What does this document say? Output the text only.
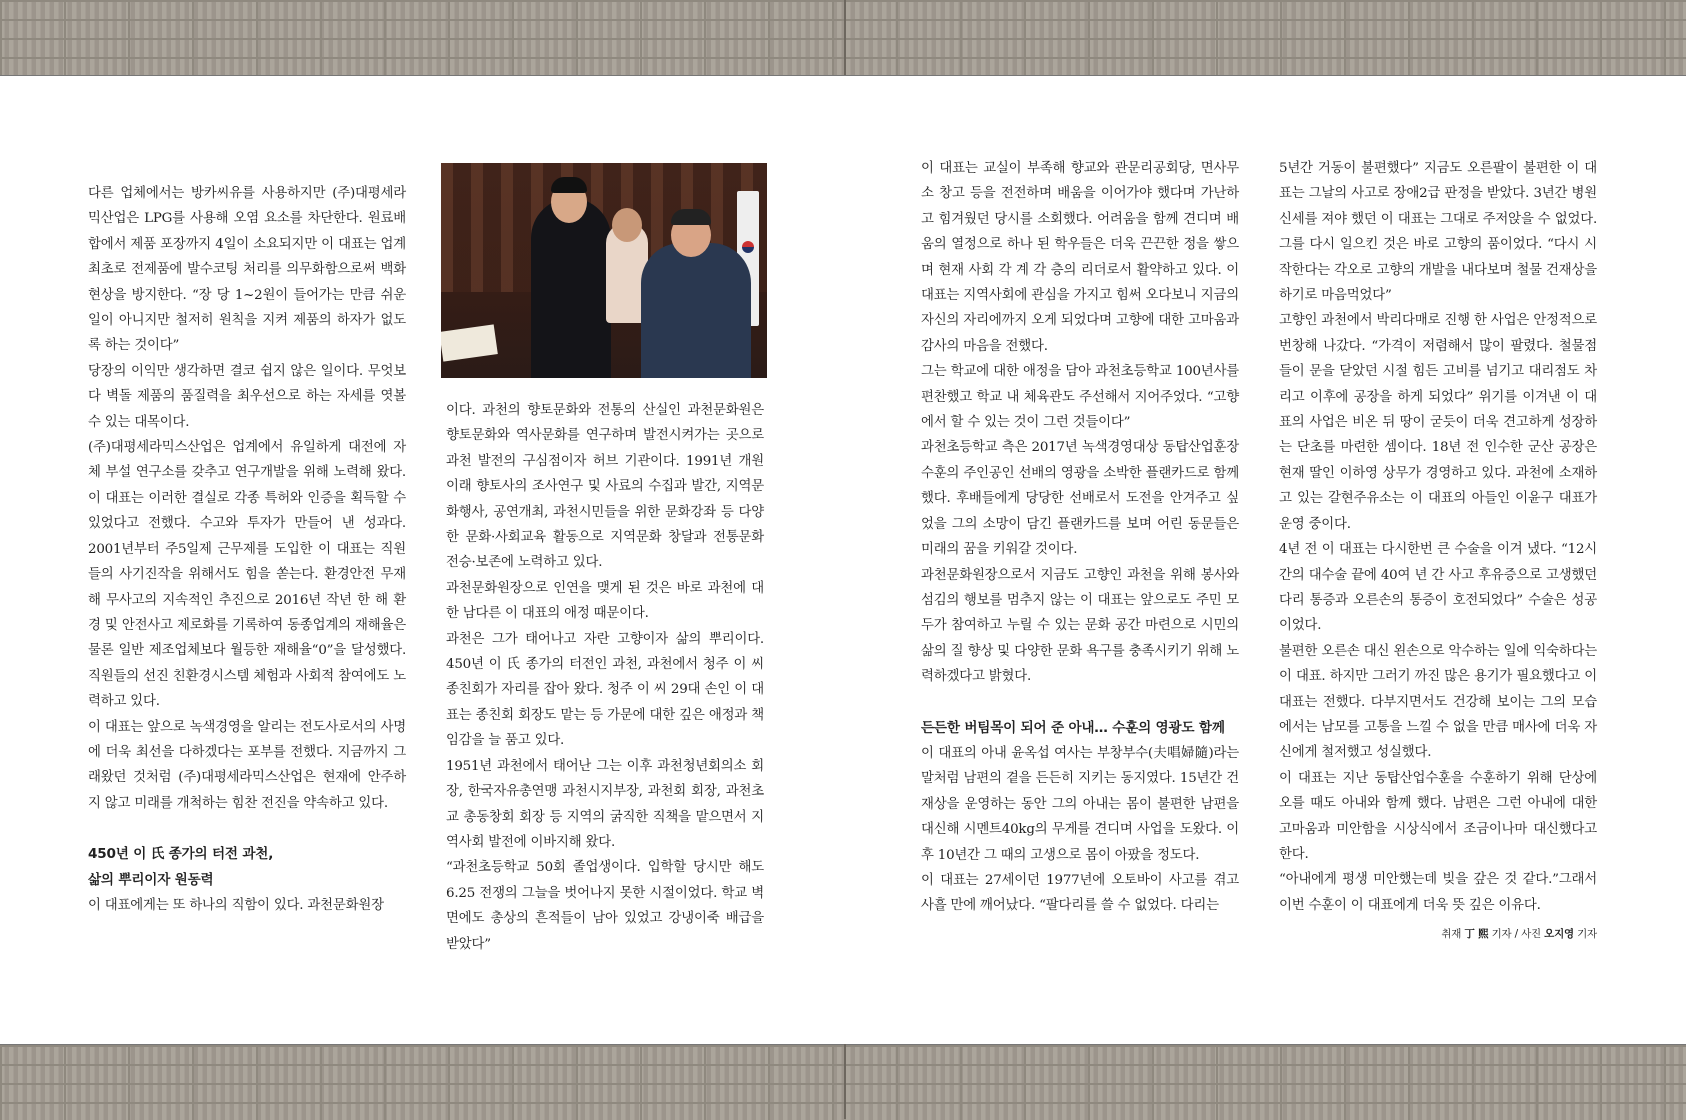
다른 업체에서는 방카씨유를 사용하지만 (주)대평세라믹산업은 LPG를 사용해 오염 요소를 차단한다. 원료배합에서 제품 포장까지 4일이 소요되지만 이 대표는 업계 최초로 전제품에 발수코팅 처리를 의무화함으로써 백화현상을 방지한다. “장 당 1~2원이 들어가는 만큼 쉬운 일이 아니지만 철저히 원칙을 지켜 제품의 하자가 없도록 하는 것이다”

당장의 이익만 생각하면 결코 쉽지 않은 일이다. 무엇보다 벽돌 제품의 품질력을 최우선으로 하는 자세를 엿볼 수 있는 대목이다.

(주)대평세라믹스산업은 업계에서 유일하게 대전에 자체 부설 연구소를 갖추고 연구개발을 위해 노력해 왔다. 이 대표는 이러한 결실로 각종 특허와 인증을 획득할 수 있었다고 전했다. 수고와 투자가 만들어 낸 성과다. 2001년부터 주5일제 근무제를 도입한 이 대표는 직원들의 사기진작을 위해서도 힘을 쏟는다. 환경안전 무재해 무사고의 지속적인 추진으로 2016년 작년 한 해 환경 및 안전사고 제로화를 기록하여 동종업계의 재해율은 물론 일반 제조업체보다 월등한 재해율“0”을 달성했다. 직원들의 선진 친환경시스템 체험과 사회적 참여에도 노력하고 있다.

이 대표는 앞으로 녹색경영을 알리는 전도사로서의 사명에 더욱 최선을 다하겠다는 포부를 전했다. 지금까지 그래왔던 것처럼 (주)대평세라믹스산업은 현재에 안주하지 않고 미래를 개척하는 힘찬 전진을 약속하고 있다.

450년 이 氏 종가의 터전 과천,
삶의 뿌리이자 원동력

이 대표에게는 또 하나의 직함이 있다. 과천문화원장

이다. 과천의 향토문화와 전통의 산실인 과천문화원은 향토문화와 역사문화를 연구하며 발전시켜가는 곳으로 과천 발전의 구심점이자 허브 기관이다. 1991년 개원 이래 향토사의 조사연구 및 사료의 수집과 발간, 지역문화행사, 공연개최, 과천시민들을 위한 문화강좌 등 다양한 문화·사회교육 활동으로 지역문화 창달과 전통문화 전승·보존에 노력하고 있다.

과천문화원장으로 인연을 맺게 된 것은 바로 과천에 대한 남다른 이 대표의 애정 때문이다.

과천은 그가 태어나고 자란 고향이자 삶의 뿌리이다. 450년 이 氏 종가의 터전인 과천, 과천에서 청주 이 씨 종친회가 자리를 잡아 왔다. 청주 이 씨 29대 손인 이 대표는 종친회 회장도 맡는 등 가문에 대한 깊은 애정과 책임감을 늘 품고 있다.

1951년 과천에서 태어난 그는 이후 과천청년회의소 회장, 한국자유총연맹 과천시지부장, 과천회 회장, 과천초교 총동창회 회장 등 지역의 굵직한 직책을 맡으면서 지역사회 발전에 이바지해 왔다.

“과천초등학교 50회 졸업생이다. 입학할 당시만 해도 6.25 전쟁의 그늘을 벗어나지 못한 시절이었다. 학교 벽면에도 총상의 흔적들이 남아 있었고 강냉이죽 배급을 받았다”

이 대표는 교실이 부족해 향교와 관문리공회당, 면사무소 창고 등을 전전하며 배움을 이어가야 했다며 가난하고 힘겨웠던 당시를 소회했다. 어려움을 함께 견디며 배움의 열정으로 하나 된 학우들은 더욱 끈끈한 정을 쌓으며 현재 사회 각 계 각 층의 리더로서 활약하고 있다. 이 대표는 지역사회에 관심을 가지고 힘써 오다보니 지금의 자신의 자리에까지 오게 되었다며 고향에 대한 고마움과 감사의 마음을 전했다.

그는 학교에 대한 애정을 담아 과천초등학교 100년사를 편찬했고 학교 내 체육관도 주선해서 지어주었다. “고향에서 할 수 있는 것이 그런 것들이다”

과천초등학교 측은 2017년 녹색경영대상 동탑산업훈장 수훈의 주인공인 선배의 영광을 소박한 플랜카드로 함께 했다. 후배들에게 당당한 선배로서 도전을 안겨주고 싶었을 그의 소망이 담긴 플랜카드를 보며 어린 동문들은 미래의 꿈을 키워갈 것이다.

과천문화원장으로서 지금도 고향인 과천을 위해 봉사와 섬김의 행보를 멈추지 않는 이 대표는 앞으로도 주민 모두가 참여하고 누릴 수 있는 문화 공간 마련으로 시민의 삶의 질 향상 및 다양한 문화 욕구를 충족시키기 위해 노력하겠다고 밝혔다.

든든한 버팀목이 되어 준 아내… 수훈의 영광도 함께

이 대표의 아내 윤옥섭 여사는 부창부수(夫唱婦隨)라는 말처럼 남편의 곁을 든든히 지키는 동지였다. 15년간 건재상을 운영하는 동안 그의 아내는 몸이 불편한 남편을 대신해 시멘트40kg의 무게를 견디며 사업을 도왔다. 이후 10년간 그 때의 고생으로 몸이 아팠을 정도다.

이 대표는 27세이던 1977년에 오토바이 사고를 겪고 사흘 만에 깨어났다. “팔다리를 쓸 수 없었다. 다리는

5년간 거동이 불편했다” 지금도 오른팔이 불편한 이 대표는 그날의 사고로 장애2급 판정을 받았다. 3년간 병원신세를 져야 했던 이 대표는 그대로 주저앉을 수 없었다. 그를 다시 일으킨 것은 바로 고향의 품이었다. “다시 시작한다는 각오로 고향의 개발을 내다보며 철물 건재상을 하기로 마음먹었다”

고향인 과천에서 박리다매로 진행 한 사업은 안정적으로 번창해 나갔다. “가격이 저렴해서 많이 팔렸다. 철물점들이 문을 닫았던 시절 힘든 고비를 넘기고 대리점도 차리고 이후에 공장을 하게 되었다” 위기를 이겨낸 이 대표의 사업은 비온 뒤 땅이 굳듯이 더욱 견고하게 성장하는 단초를 마련한 셈이다. 18년 전 인수한 군산 공장은 현재 딸인 이하영 상무가 경영하고 있다. 과천에 소재하고 있는 갈현주유소는 이 대표의 아들인 이윤구 대표가 운영 중이다.

4년 전 이 대표는 다시한번 큰 수술을 이겨 냈다. “12시간의 대수술 끝에 40여 년 간 사고 후유증으로 고생했던 다리 통증과 오른손의 통증이 호전되었다” 수술은 성공이었다.

불편한 오른손 대신 왼손으로 악수하는 일에 익숙하다는 이 대표. 하지만 그러기 까진 많은 용기가 필요했다고 이 대표는 전했다. 다부지면서도 건강해 보이는 그의 모습에서는 남모를 고통을 느낄 수 없을 만큼 매사에 더욱 자신에게 철저했고 성실했다.

이 대표는 지난 동탑산업수훈을 수훈하기 위해 단상에 오를 때도 아내와 함께 했다. 남편은 그런 아내에 대한 고마움과 미안함을 시상식에서 조금이나마 대신했다고 한다.

“아내에게 평생 미안했는데 빚을 갚은 것 같다.”그래서 이번 수훈이 이 대표에게 더욱 뜻 깊은 이유다.

취재 丁 熙 기자 / 사진 오지영 기자
